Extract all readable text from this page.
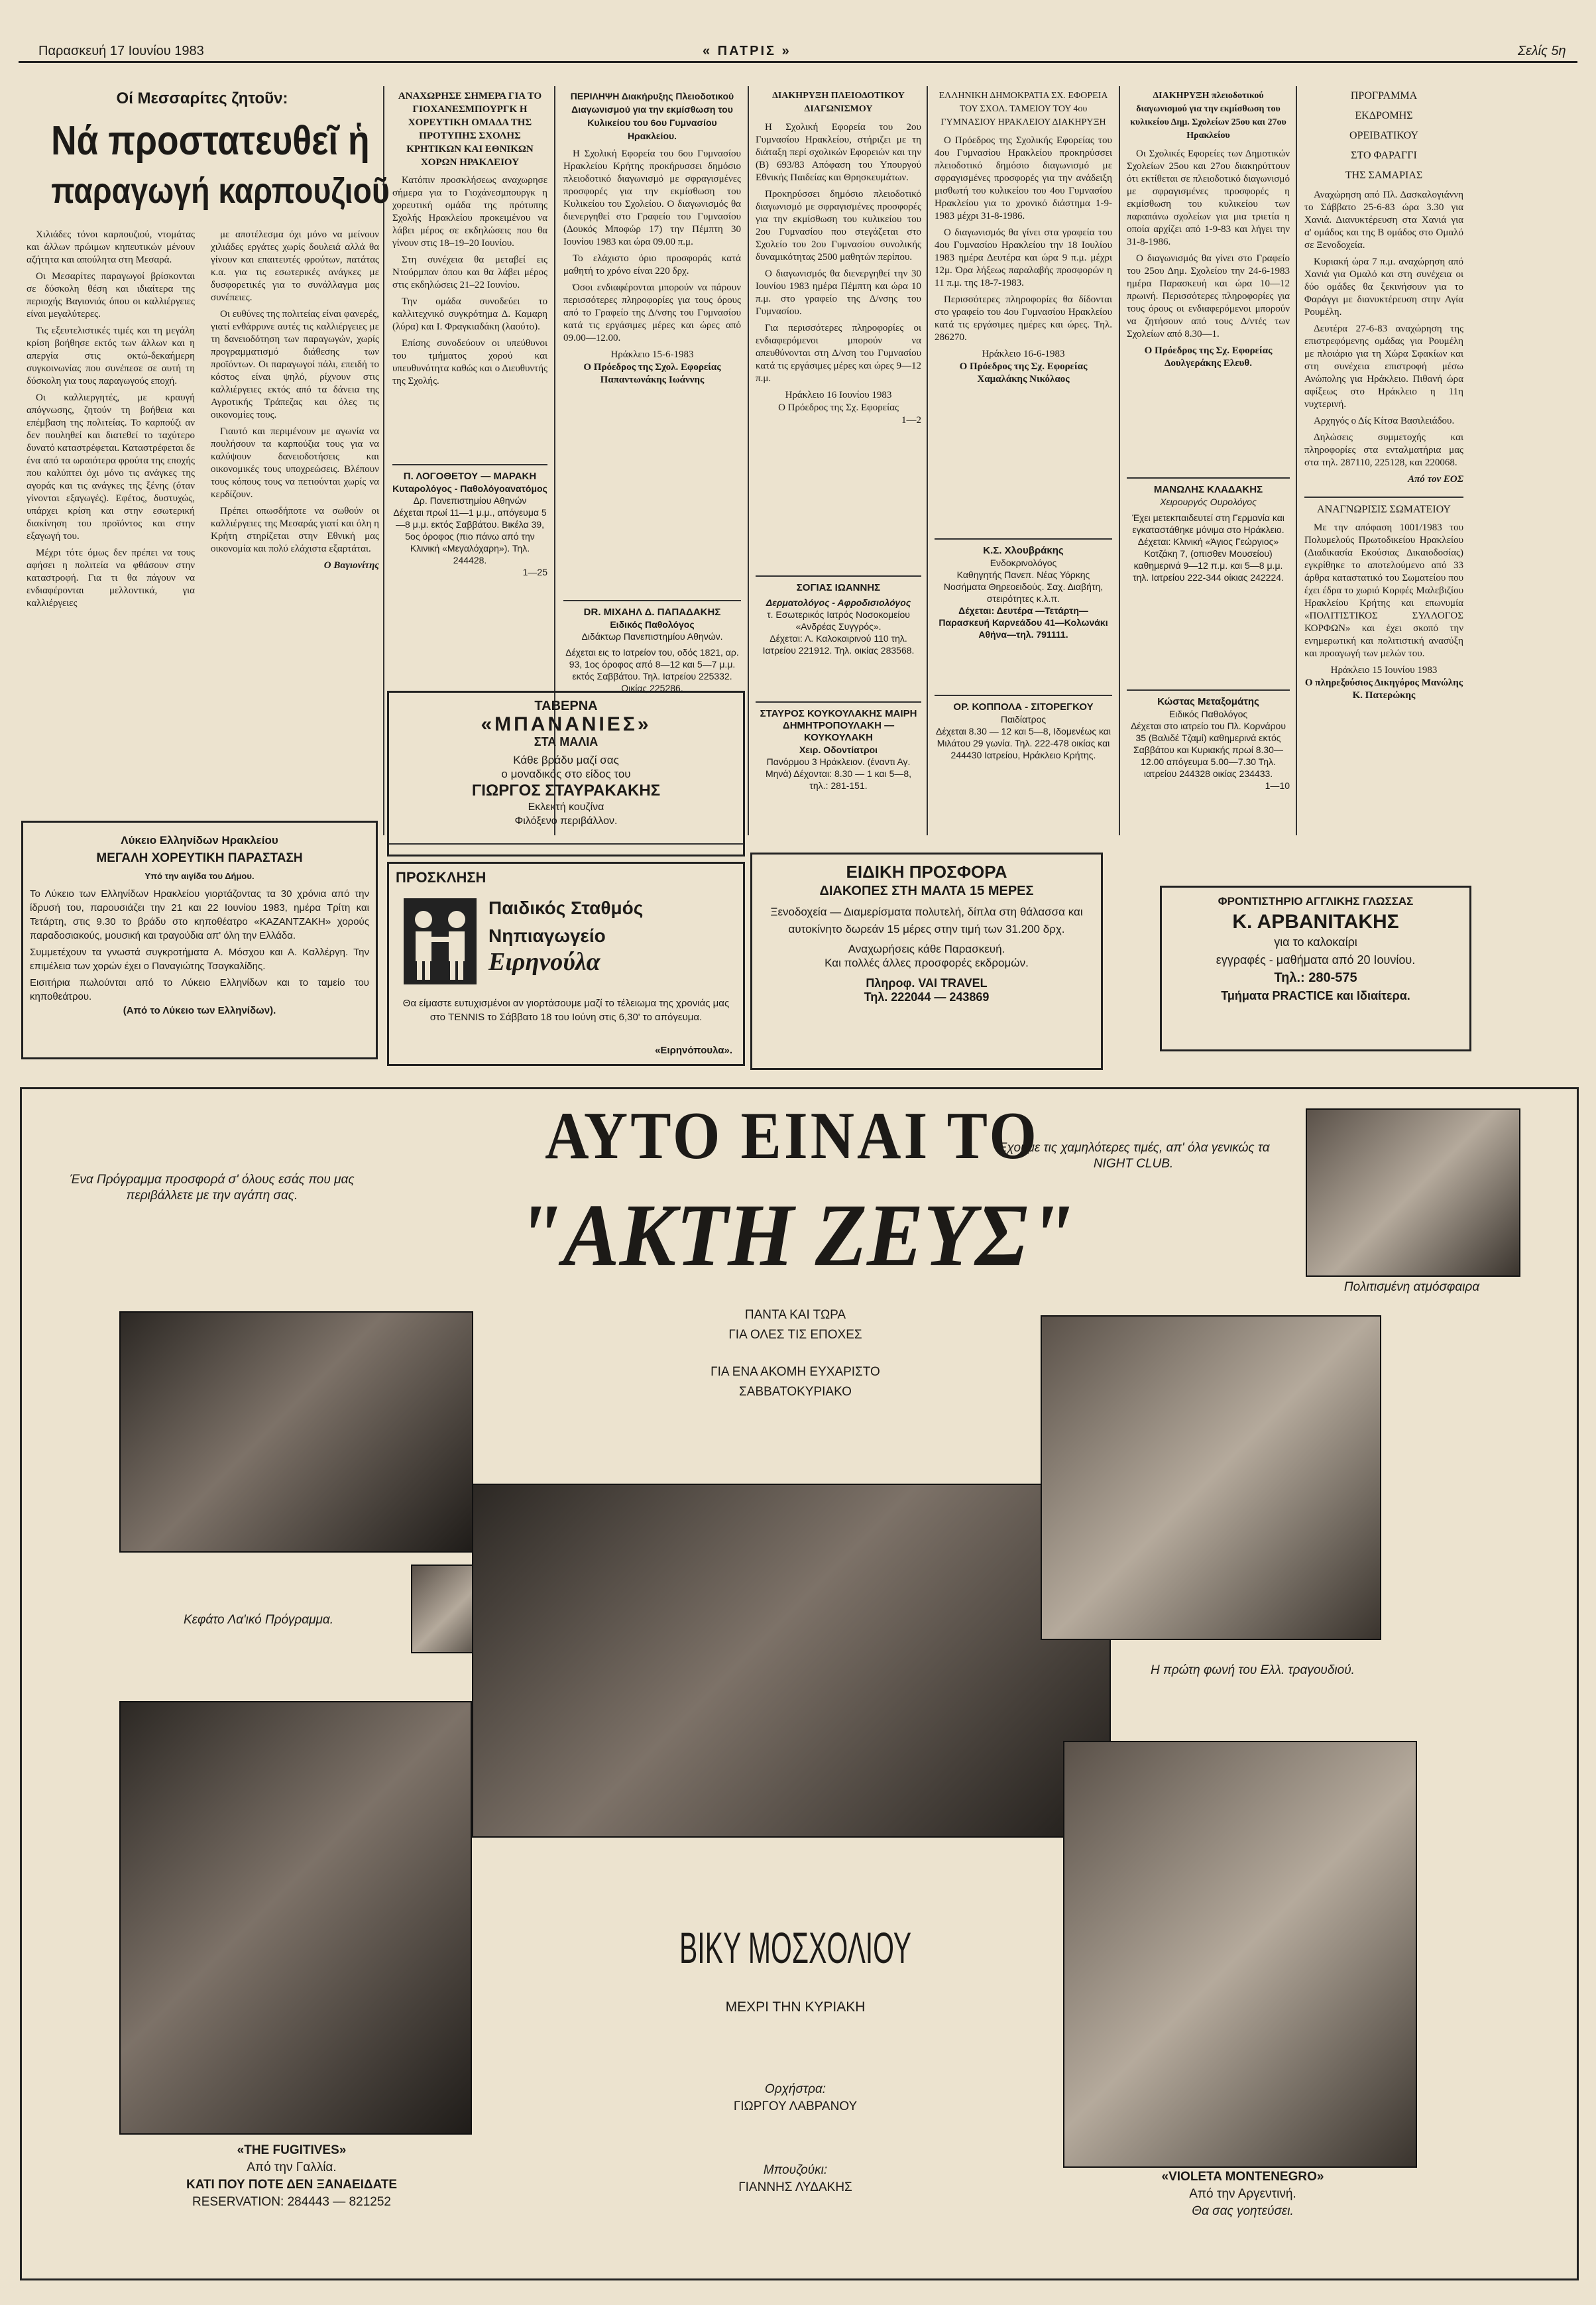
Παρασκευή 17 Ιουνίου 1983	« ΠΑΤΡΙΣ »	Σελίς 5η
Οί Μεσσαρίτες ζητοῦν:
Νά προστατευθεῖ ἡ
παραγωγή καρπουζιοῦ

Χιλιάδες τόνοι καρπουζιού, ντομάτας και άλλων πρώιμων κηπευτικών μένουν αζήτητα και απούλητα στη Μεσαρά.

Οι Μεσαρίτες παραγωγοί βρίσκονται σε δύσκολη θέση και ιδιαίτερα της περιοχής Βαγιονιάς όπου οι καλλιέργειες είναι μεγαλύτερες.

Τις εξευτελιστικές τιμές και τη μεγάλη κρίση βοήθησε εκτός των άλλων και η απεργία στις οκτώ-δεκαήμερη συγκοινωνίας που συνέπεσε σε αυτή τη δύσκολη για τους παραγωγούς εποχή.

Οι καλλιεργητές, με κραυγή απόγνωσης, ζητούν τη βοήθεια και επέμβαση της πολιτείας. Το καρπούζι αν δεν πουληθεί και διατεθεί το ταχύτερο δυνατό καταστρέφεται. Καταστρέφεται δε ένα από τα ωραιότερα φρούτα της εποχής που καλύπτει όχι μόνο τις ανάγκες της αγοράς και τις ανάγκες της ξένης (όταν γίνονται εξαγωγές). Εφέτος, δυστυχώς, υπάρχει κρίση και στην εσωτερική διακίνηση του προϊόντος και στην εξαγωγή του.

Μέχρι τότε όμως δεν πρέπει να τους αφήσει η πολιτεία να φθάσουν στην καταστροφή. Για τι θα πάγουν να ενδιαφέρονται μελλοντικά, για καλλιέργειες

με αποτέλεσμα όχι μόνο να μείνουν χιλιάδες εργάτες χωρίς δουλειά αλλά θα γίνουν και επαιτευτές φρούτων, πατάτας κ.α. για τις εσωτερικές ανάγκες με δυσφορετικές για το συνάλλαγμα μας συνέπειες.

Οι ευθύνες της πολιτείας είναι φανερές, γιατί ενθάρρυνε αυτές τις καλλιέργειες με τη δανειοδότηση των παραγωγών, χωρίς προγραμματισμό διάθεσης των προϊόντων. Οι παραγωγοί πάλι, επειδή το κόστος είναι ψηλό, ρίχνουν στις καλλιέργειες εκτός από τα δάνεια της Αγροτικής Τράπεζας και όλες τις οικονομίες τους.

Γιαυτό και περιμένουν με αγωνία να πουλήσουν τα καρπούζια τους για να καλύψουν δανειοδοτήσεις και οικονομικές τους υποχρεώσεις. Βλέπουν τους κόπους τους να πετιούνται χωρίς να κερδίζουν.

Πρέπει οπωσδήποτε να σωθούν οι καλλιέργειες της Μεσαράς γιατί και όλη η Κρήτη στηρίζεται στην Εθνική μας οικονομία και πολύ ελάχιστα εξαρτάται.

Ο Βαγιονίτης
ΑΝΑΧΩΡΗΣΕ ΣΗΜΕΡΑ ΓΙΑ ΤΟ ΓΙΟΧΑΝΕΣΜΠΟΥΡΓΚ Η ΧΟΡΕΥΤΙΚΗ ΟΜΑΔΑ ΤΗΣ ΠΡΟΤΥΠΗΣ ΣΧΟΛΗΣ ΚΡΗΤΙΚΩΝ ΚΑΙ ΕΘΝΙΚΩΝ ΧΟΡΩΝ ΗΡΑΚΛΕΙΟΥ

Κατόπιν προσκλήσεως αναχωρησε σήμερα για το Γιοχάνεσμπουργκ η χορευτική ομάδα της πρότυπης Σχολής Ηρακλείου προκειμένου να λάβει μέρος σε εκδηλώσεις που θα γίνουν στις 18–19–20 Ιουνίου.

Στη συνέχεια θα μεταβεί εις Ντούρμπαν όπου και θα λάβει μέρος στις εκδηλώσεις 21–22 Ιουνίου.

Την ομάδα συνοδεύει το καλλιτεχνικό συγκρότημα Δ. Καμαρη (λύρα) και Ι. Φραγκιαδάκη (λαούτο).

Επίσης συνοδεύουν οι υπεύθυνοι του τμήματος χορού και υπευθυνότητα καθώς και ο Διευθυντής της Σχολής.

Π. ΛΟΓΟΘΕΤΟΥ — ΜΑΡΑΚΗ
Κυταρολόγος - Παθολόγοανατόμος
Δρ. Πανεπιστημίου Αθηνών
Δέχεται πρωί 11—1 μ.μ., απόγευμα 5—8 μ.μ. εκτός Σαββάτου. Βικέλα 39, 5ος όροφος (πιο πάνω από την Κλινική «Μεγαλόχαρη»). Τηλ. 244428.
1—25
ΠΕΡΙΛΗΨΗ Διακήρυξης Πλειοδοτικού Διαγωνισμού για την εκμίσθωση του Κυλικείου του 6ου Γυμνασίου Ηρακλείου.

Η Σχολική Εφορεία του 6ου Γυμνασίου Ηρακλείου Κρήτης προκήρυσσει δημόσιο πλειοδοτικό διαγωνισμό με σφραγισμένες προσφορές για την εκμίσθωση του Κυλικείου του Σχολείου. Ο διαγωνισμός θα διενεργηθεί στο Γραφείο του Γυμνασίου (Δουκός Μποφώρ 17) την Πέμπτη 30 Ιουνίου 1983 και ώρα 09.00 π.μ.

Το ελάχιστο όριο προσφοράς κατά μαθητή το χρόνο είναι 220 δρχ.

Όσοι ενδιαφέρονται μπορούν να πάρουν περισσότερες πληροφορίες για τους όρους από το Γραφείο της Δ/νσης του Γυμνασίου κατά τις εργάσιμες μέρες και ώρες από 09.00—12.00.

Ηράκλειο 15-6-1983
Ο Πρόεδρος της Σχολ. Εφορείας Παπαντωνάκης Ιωάννης
DR. ΜΙΧΑΗΛ Δ. ΠΑΠΑΔΑΚΗΣ
Ειδικός Παθολόγος
Διδάκτωρ Πανεπιστημίου Αθηνών.
Δέχεται εις το Ιατρείον του, οδός 1821, αρ. 93, 1ος όροφος από 8—12 και 5—7 μ.μ. εκτός Σαββάτου. Τηλ. Ιατρείου 225332. Οικίας 225286.
ΔΙΑΚΗΡΥΞΗ ΠΛΕΙΟΔΟΤΙΚΟΥ ΔΙΑΓΩΝΙΣΜΟΥ

Η Σχολική Εφορεία του 2ου Γυμνασίου Ηρακλείου, στήριζει με τη διάταξη περί σχολικών Εφορειών και την (Β) 693/83 Απόφαση του Υπουργού Εθνικής Παιδείας και Θρησκευμάτων.

Προκηρύσσει δημόσιο πλειοδοτικό διαγωνισμό με σφραγισμένες προσφορές για την εκμίσθωση του κυλικείου του 2ου Γυμνασίου που στεγάζεται στο Σχολείο του 2ου Γυμνασίου συνολικής δυναμικότητας 2500 μαθητών περίπου.

Ο διαγωνισμός θα διενεργηθεί την 30 Ιουνίου 1983 ημέρα Πέμπτη και ώρα 10 π.μ. στο γραφείο της Δ/νσης του Γυμνασίου.

Για περισσότερες πληροφορίες οι ενδιαφερόμενοι μπορούν να απευθύνονται στη Δ/νση του Γυμνασίου κατά τις εργάσιμες μέρες και ώρες 9—12 π.μ.

Ηράκλειο 16 Ιουνίου 1983
Ο Πρόεδρος της Σχ. Εφορείας
1—2
ΣΟΓΙΑΣ ΙΩΑΝΝΗΣ
Δερματολόγος - Αφροδισιολόγος
τ. Εσωτερικός Ιατρός Νοσοκομείου «Ανδρέας Συγγρός».
Δέχεται: Λ. Καλοκαιρινού 110 τηλ. Ιατρείου 221912. Τηλ. οικίας 283568.
ΣΤΑΥΡΟΣ ΚΟΥΚΟΥΛΑΚΗΣ ΜΑΙΡΗ ΔΗΜΗΤΡΟΠΟΥΛΑΚΗ — ΚΟΥΚΟΥΛΑΚΗ
Χειρ. Οδοντίατροι
Πανόρμου 3 Ηράκλειον. (έναντι Αγ. Μηνά) Δέχονται: 8.30 — 1 και 5—8, τηλ.: 281-151.
ΕΛΛΗΝΙΚΗ ΔΗΜΟΚΡΑΤΙΑ ΣΧ. ΕΦΟΡΕΙΑ ΤΟΥ ΣΧΟΛ. ΤΑΜΕΙΟΥ ΤΟΥ 4ου ΓΥΜΝΑΣΙΟΥ ΗΡΑΚΛΕΙΟΥ ΔΙΑΚΗΡΥΞΗ

Ο Πρόεδρος της Σχολικής Εφορείας του 4ου Γυμνασίου Ηρακλείου προκηρύσσει πλειοδοτικό δημόσιο διαγωνισμό με σφραγισμένες προσφορές για την ανάδειξη μισθωτή του κυλικείου του 4ου Γυμνασίου Ηρακλείου για το χρονικό διάστημα 1-9-1983 μέχρι 31-8-1986.

Ο διαγωνισμός θα γίνει στα γραφεία του 4ου Γυμνασίου Ηρακλείου την 18 Ιουλίου 1983 ημέρα Δευτέρα και ώρα 9 π.μ. μέχρι 12μ. Όρα λήξεως παραλαβής προσφορών η 11 π.μ. της 18-7-1983.

Περισσότερες πληροφορίες θα δίδονται στο γραφείο του 4ου Γυμνασίου Ηρακλείου κατά τις εργάσιμες ημέρες και ώρες. Τηλ. 286270.

Ηράκλειο 16-6-1983
Ο Πρόεδρος της Σχ. Εφορείας Χαμαλάκης Νικόλαος
Κ.Σ. Χλουβράκης
Ενδοκρινολόγος
Καθηγητής Πανεπ. Νέας Υόρκης
Νοσήματα Θηρεοειδούς. Σαχ. Διαβήτη, στειρότητες κ.λ.π.
Δέχεται: Δευτέρα —Τετάρτη—Παρασκευή Καρνεάδου 41—Κολωνάκι Αθήνα—τηλ. 791111.
ΟΡ. ΚΟΠΠΟΛΑ - ΣΙΤΟΡΕΓΚΟΥ
Παιδίατρος
Δέχεται 8.30 — 12 και 5—8, Ιδομενέως και Μιλάτου 29 γωνία. Τηλ. 222-478 οικίας και 244430 Ιατρείου, Ηράκλειο Κρήτης.
ΔΙΑΚΗΡΥΞΗ πλειοδοτικού διαγωνισμού για την εκμίσθωση του κυλικείου Δημ. Σχολείων 25ου και 27ου Ηρακλείου

Οι Σχολικές Εφορείες των Δημοτικών Σχολείων 25ου και 27ου διακηρύττουν ότι εκτίθεται σε πλειοδοτικό διαγωνισμό με σφραγισμένες προσφορές η εκμίσθωση του κυλικείου των παραπάνω σχολείων για μια τριετία η οποία αρχίζει από 1-9-83 και λήγει την 31-8-1986.

Ο διαγωνισμός θα γίνει στο Γραφείο του 25ου Δημ. Σχολείου την 24-6-1983 ημέρα Παρασκευή και ώρα 10—12 πρωινή. Περισσότερες πληροφορίες για τους όρους οι ενδιαφερόμενοι μπορούν να ζητήσουν από τους Δ/ντές των Σχολείων από 8.30—1.

Ο Πρόεδρος της Σχ. Εφορείας Δουλγεράκης Ελευθ.
ΜΑΝΩΛΗΣ ΚΛΑΔΑΚΗΣ
Χειρουργός Ουρολόγος
Έχει μετεκπαιδευτεί στη Γερμανία και εγκαταστάθηκε μόνιμα στο Ηράκλειο. Δέχεται: Κλινική «Άγιος Γεώργιος» Κοτζάκη 7, (οπισθεν Μουσείου) καθημερινά 9—12 π.μ. και 5—8 μ.μ. τηλ. Ιατρείου 222-344 οίκιας 242224.
Κώστας Μεταξομάτης
Ειδικός Παθολόγος
Δέχεται στο ιατρείο του Πλ. Κορνάρου 35 (Βαλιδέ Τζαμί) καθημερινά εκτός Σαββάτου και Κυριακής πρωί 8.30—12.00 απόγευμα 5.00—7.30 Τηλ. ιατρείου 244328 οικίας 234433.
1—10
ΠΡΟΓΡΑΜΜΑ
ΕΚΔΡΟΜΗΣ
ΟΡΕΙΒΑΤΙΚΟΥ
ΣΤΟ ΦΑΡΑΓΓΙ
ΤΗΣ ΣΑΜΑΡΙΑΣ

Αναχώρηση από Πλ. Δασκαλογιάννη το Σάββατο 25-6-83 ώρα 3.30 για Χανιά. Διανυκτέρευση στα Χανιά για α' ομάδος και της Β ομάδος στο Ομαλό σε Ξενοδοχεία.

Κυριακή ώρα 7 π.μ. αναχώρηση από Χανιά για Ομαλό και στη συνέχεια οι δύο ομάδες θα ξεκινήσουν για το Φαράγγι με διανυκτέρευση στην Αγία Ρουμέλη.

Δευτέρα 27-6-83 αναχώρηση της επιστρεφόμενης ομάδας για Ρουμέλη με πλοιάριο για τη Χώρα Σφακίων και στη συνέχεια επιστροφή μέσω Ανώπολης για Ηράκλειο. Πιθανή ώρα αφίξεως στο Ηράκλειο η 11η νυχτερινή.

Αρχηγός ο Δίς Κίτσα Βασιλειάδου.

Δηλώσεις συμμετοχής και πληροφορίες στα ενταλματήρια μας στα τηλ. 287110, 225128, και 220068.

Από τον ΕΟΣ
ΑΝΑΓΝΩΡΙΣΙΣ ΣΩΜΑΤΕΙΟΥ

Με την απόφαση 1001/1983 του Πολυμελούς Πρωτοδικείου Ηρακλείου (Διαδικασία Εκούσιας Δικαιοδοσίας) εγκρίθηκε το αποτελούμενο από 33 άρθρα καταστατικό του Σωματείου που έχει έδρα το χωριό Κορφές Μαλεβιζίου Ηρακλείου Κρήτης και επωνυμία «ΠΟΛΙΤΙΣΤΙΚΟΣ ΣΥΛΛΟΓΟΣ ΚΟΡΦΩΝ» και έχει σκοπό την ενημερωτική και πολιτιστική ανασύξη και προαγωγή των μελών του.

Ηράκλειο 15 Ιουνίου 1983
Ο πληρεξούσιος Δικηγόρος Μανώλης Κ. Πατερώκης
Λύκειο Ελληνίδων Ηρακλείου
ΜΕΓΑΛΗ ΧΟΡΕΥΤΙΚΗ ΠΑΡΑΣΤΑΣΗ
Υπό την αιγίδα του Δήμου.
Το Λύκειο των Ελληνίδων Ηρακλείου γιορτάζοντας τα 30 χρόνια από την ίδρυσή του, παρουσιάζει την 21 και 22 Ιουνίου 1983, ημέρα Τρίτη και Τετάρτη, στις 9.30 το βράδυ στο κηποθέατρο «ΚΑΖΑΝΤΖΑΚΗ» χορούς παραδοσιακούς, μουσική και τραγούδια απ' όλη την Ελλάδα.
Συμμετέχουν τα γνωστά συγκροτήματα Α. Μόσχου και Α. Καλλέργη. Την επιμέλεια των χορών έχει ο Παναγιώτης Τσαγκαλίδης.
Εισιτήρια πωλούνται από το Λύκειο Ελληνίδων και το ταμείο του κηποθεάτρου.
(Από το Λύκειο των Ελληνίδων).
ΤΑΒΕΡΝΑ
«ΜΠΑΝΑΝΙΕΣ»
ΣΤΑ ΜΑΛΙΑ
Κάθε βράδυ μαζί σας
ο μοναδικός στο είδος του
ΓΙΩΡΓΟΣ ΣΤΑΥΡΑΚΑΚΗΣ
Εκλεκτή κουζίνα
Φιλόξενο περιβάλλον.
ΠΡΟΣΚΛΗΣΗ
Παιδικός Σταθμός
Νηπιαγωγείο
Ειρηνούλα
Θα είμαστε ευτυχισμένοι αν γιορτάσουμε μαζί το τέλειωμα της χρονιάς μας στο TENNIS το Σάββατο 18 του Ιούνη στις 6,30' το απόγευμα.
«Ειρηνόπουλα».
ΕΙΔΙΚΗ ΠΡΟΣΦΟΡΑ
ΔΙΑΚΟΠΕΣ ΣΤΗ ΜΑΛΤΑ 15 ΜΕΡΕΣ
Ξενοδοχεία — Διαμερίσματα πολυτελή, δίπλα στη θάλασσα και αυτοκίνητο δωρεάν 15 μέρες στην τιμή των 31.200 δρχ.
Αναχωρήσεις κάθε Παρασκευή.
Και πολλές άλλες προσφορές εκδρομών.
Πληροφ. VAI TRAVEL
Τηλ. 222044 — 243869
ΦΡΟΝΤΙΣΤΗΡΙΟ ΑΓΓΛΙΚΗΣ ΓΛΩΣΣΑΣ
Κ. ΑΡΒΑΝΙΤΑΚΗΣ
για το καλοκαίρι
εγγραφές - μαθήματα από 20 Ιουνίου.
Τηλ.: 280-575
Τμήματα PRACTICE και Ιδιαίτερα.
ΑΥΤΟ ΕΙΝΑΙ ΤΟ
"ΑΚΤΗ ΖΕΥΣ"
Ένα Πρόγραμμα προσφορά σ' όλους εσάς που μας περιβάλλετε με την αγάπη σας.
Έχουμε τις χαμηλότερες τιμές, απ' όλα γενικώς τα NIGHT CLUB.
Πολιτισμένη ατμόσφαιρα
ΠΑΝΤΑ ΚΑΙ ΤΩΡΑ
ΓΙΑ ΟΛΕΣ ΤΙΣ ΕΠΟΧΕΣ
ΓΙΑ ΕΝΑ ΑΚΟΜΗ ΕΥΧΑΡΙΣΤΟ
ΣΑΒΒΑΤΟΚΥΡΙΑΚΟ
Κεφάτο Λα'ικό Πρόγραμμα.
Η πρώτη φωνή του Ελλ. τραγουδιού.
«THE FUGITIVES»
Από την Γαλλία.
ΚΑΤΙ ΠΟΥ ΠΟΤΕ ΔΕΝ ΞΑΝΑΕΙΔΑΤΕ
RESERVATION: 284443 — 821252
ΒΙΚΥ ΜΟΣΧΟΛΙΟΥ
ΜΕΧΡΙ ΤΗΝ ΚΥΡΙΑΚΗ
Ορχήστρα:
ΓΙΩΡΓΟΥ ΛΑΒΡΑΝΟΥ
Μπουζούκι:
ΓΙΑΝΝΗΣ ΛΥΔΑΚΗΣ
«VIOLETA MONTENEGRO»
Από την Αργεντινή.
Θα σας γοητεύσει.
